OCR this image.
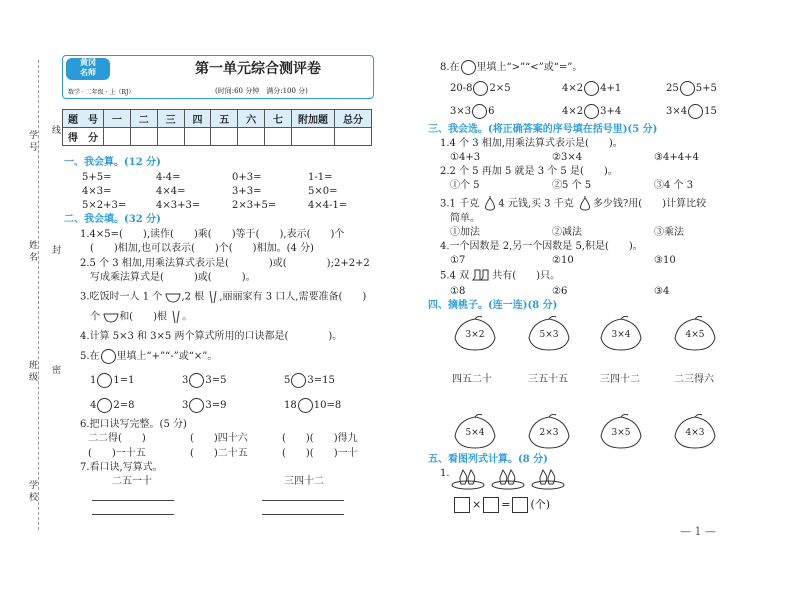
学 号 线
姓 名 封
班 级 密
学 校
黄冈
名师	第一单元综合测评卷
数学 · 二年级 · 上（RJ）	(时间:60 分钟　满分:100 分)
题　号	一	二	三	四	五	六	七	附加题	总分
得　分									
一、我会算。(12 分)
5+5=	4-4=	0+3=	1-1=
4×3=	4×4=	3+3=	5×0=
5×2+3=	4×3+3=	2×3+5=	4×4-1=
二、我会填。(32 分)
1.4×5=(　　),读作(　　)乘(　　)等于(　　),表示(　　)个
(　　)相加,也可以表示(　　)个(　　)相加。(4 分)
2.5 个 3 相加,用乘法算式表示是(　　　　)或(　　　　);2+2+2
写成乘法算式是(　　　)或(　　　)。
3.吃饭时一人 1 个 ,2 根 ,丽丽家有 3 口人,需要准备(　　)
个 和(　　)根 。
4.计算 5×3 和 3×5 两个算式所用的口诀都是(　　　　)。
5.在 里填上“+”“-”或“×”。
1 1=1	3 3=5	5 3=15
4 2=8	3 3=9	18 10=8
6.把口诀写完整。(5 分)
二二得(　　)	(　　)四十六	(　　)(　　)得九
(　　)一十五	(　　)二十五	(　　)(　　)一十
7.看口诀,写算式。
二五一十	三四十二
8.在 里填上“>”“<”或“=”。
20-8 2×5	4×2 4+1	25 5+5
3×3 6	4×2 3+4	3×4 15
三、我会选。(将正确答案的序号填在括号里)(5 分)
1.4 个 3 相加,用乘法算式表示是(　　)。
①4+3	②3×4	③4+4+4
2.2 个 5 再加 5 就是 3 个 5 是(　　)。
①个 5	②5 个 5	③4 个 3
3.1 千克 4 元钱,买 3 千克 多少钱?用(　　)计算比较
简单。
①加法	②减法	③乘法
4.一个因数是 2,另一个因数是 5,积是(　　)。
①7	②10	③10
5.4 双 共有(　　)只。
①8	②6	③4
四、摘桃子。(连一连)(8 分)
3×2	5×3	3×4	4×5
四五二十	三五十五	三四十二	二三得六
5×4	2×3	3×5	4×3
五、看图列式计算。(8 分)
1.
× = (个)
— 1 —
